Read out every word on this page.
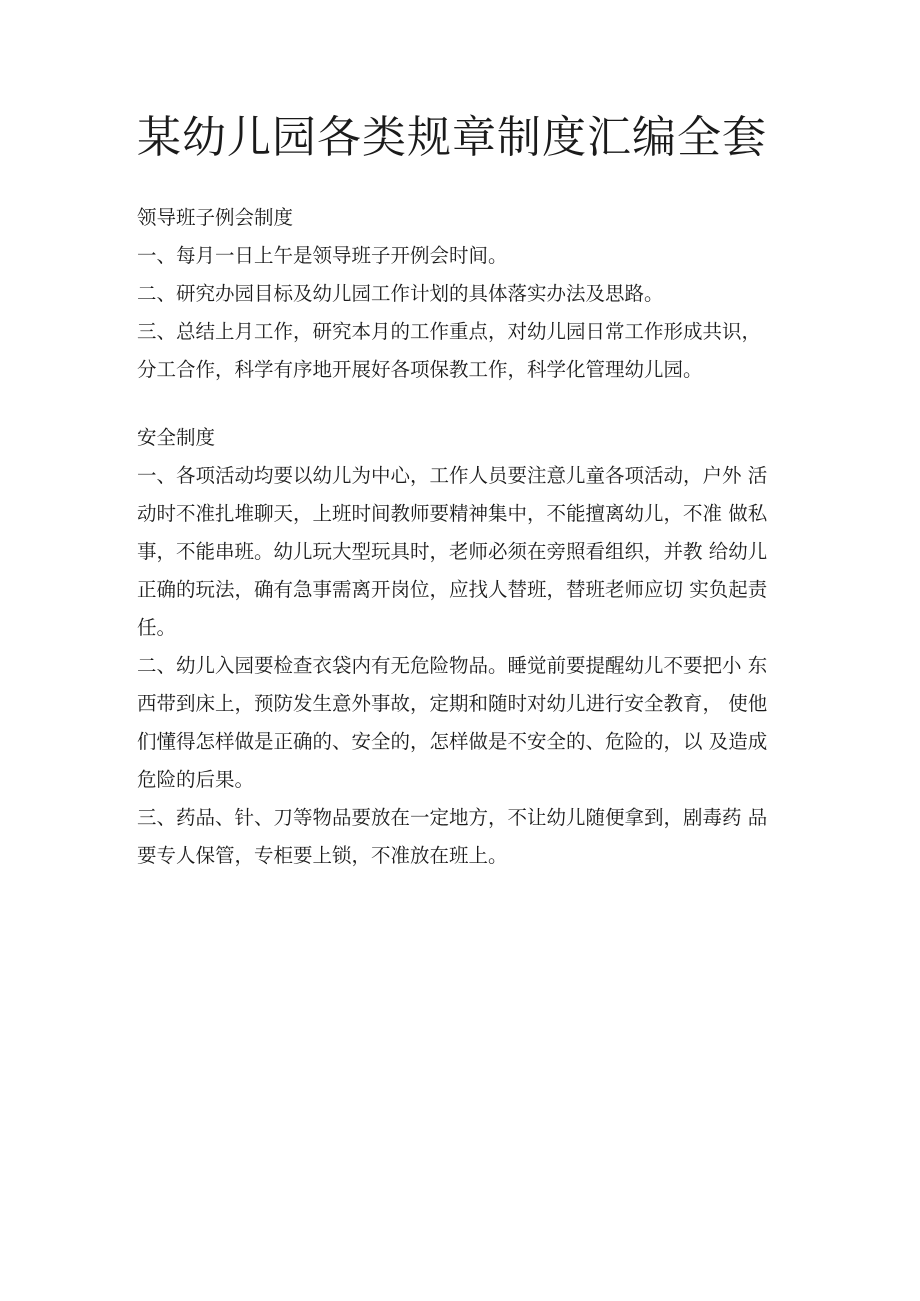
某幼儿园各类规章制度汇编全套

领导班子例会制度

一、每月一日上午是领导班子开例会时间。

二、研究办园目标及幼儿园工作计划的具体落实办法及思路。

三、总结上月工作，研究本月的工作重点，对幼儿园日常工作形成共识，

分工合作，科学有序地开展好各项保教工作，科学化管理幼儿园。

安全制度

一、各项活动均要以幼儿为中心，工作人员要注意儿童各项活动，户外 活

动时不准扎堆聊天，上班时间教师要精神集中，不能擅离幼儿，不准 做私

事，不能串班。幼儿玩大型玩具时，老师必须在旁照看组织，并教 给幼儿

正确的玩法，确有急事需离开岗位，应找人替班，替班老师应切 实负起责

任。

二、幼儿入园要检查衣袋内有无危险物品。睡觉前要提醒幼儿不要把小 东

西带到床上，预防发生意外事故，定期和随时对幼儿进行安全教育， 使他

们懂得怎样做是正确的、安全的，怎样做是不安全的、危险的，以 及造成

危险的后果。

三、药品、针、刀等物品要放在一定地方，不让幼儿随便拿到，剧毒药 品

要专人保管，专柜要上锁，不准放在班上。
